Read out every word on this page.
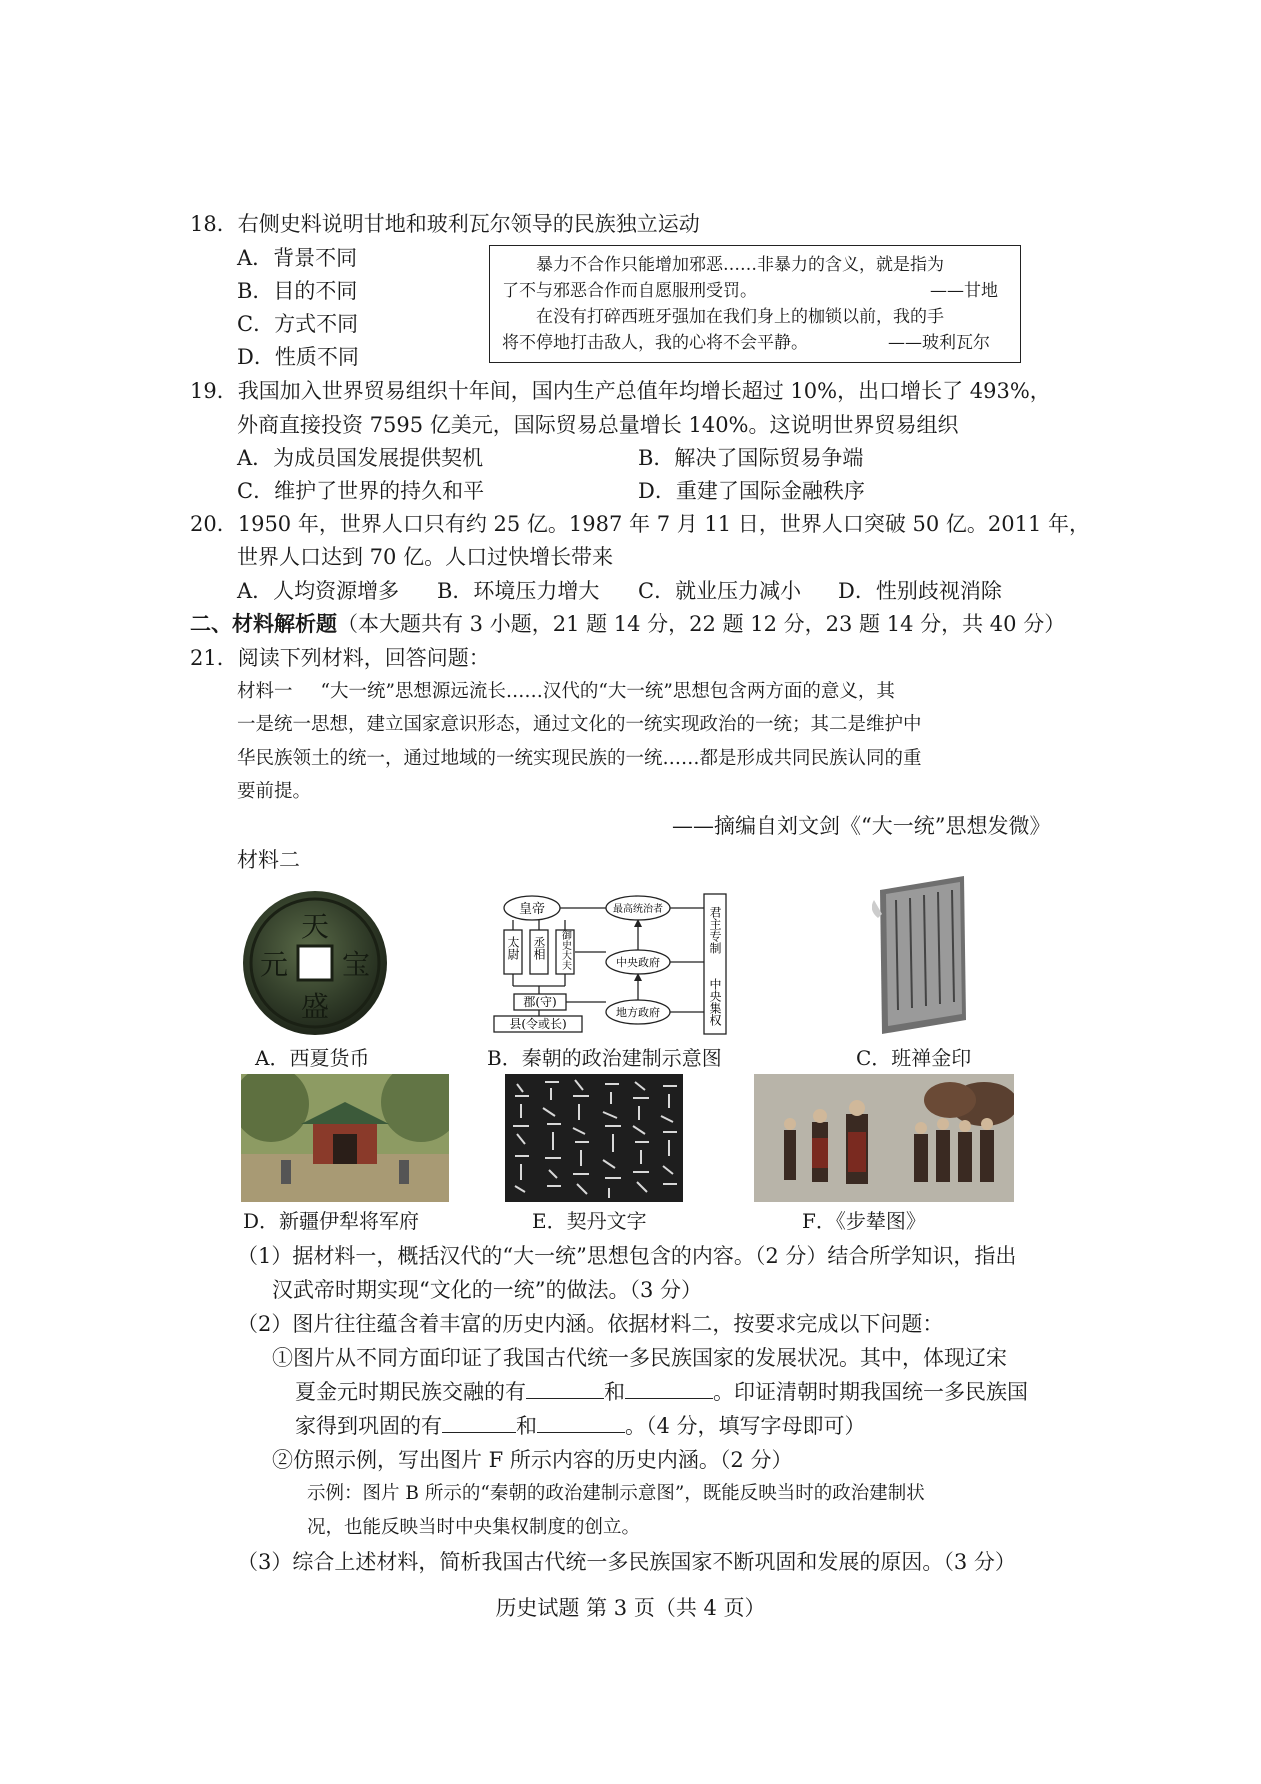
18．右侧史料说明甘地和玻利瓦尔领导的民族独立运动
A．背景不同
B．目的不同
C．方式不同
D．性质不同
暴力不合作只能增加邪恶……非暴力的含义，就是指为
了不与邪恶合作而自愿服刑受罚。	——甘地
在没有打碎西班牙强加在我们身上的枷锁以前，我的手
将不停地打击敌人，我的心将不会平静。	——玻利瓦尔
19．我国加入世界贸易组织十年间，国内生产总值年均增长超过 10%，出口增长了 493%，
外商直接投资 7595 亿美元，国际贸易总量增长 140%。这说明世界贸易组织
A．为成员国发展提供契机	B．解决了国际贸易争端
C．维护了世界的持久和平	D．重建了国际金融秩序
20．1950 年，世界人口只有约 25 亿。1987 年 7 月 11 日，世界人口突破 50 亿。2011 年，
世界人口达到 70 亿。人口过快增长带来
A．人均资源增多 B．环境压力增大 C．就业压力减小 D．性别歧视消除
二、材料解析题（本大题共有 3 小题，21 题 14 分，22 题 12 分，23 题 14 分，共 40 分）
21．阅读下列材料，回答问题：
材料一 “大一统”思想源远流长……汉代的“大一统”思想包含两方面的意义，其
一是统一思想，建立国家意识形态，通过文化的一统实现政治的一统；其二是维护中
华民族领土的统一，通过地域的一统实现民族的一统……都是形成共同民族认同的重
要前提。
——摘编自刘文剑《“大一统”思想发微》
材料二
天
盛
元 宝
A．西夏货币
皇帝	最高统治者
中央政府
地方政府
郡(守)
县(令或长)
太尉 丞相 御史大夫	君主专制
中央集权
B．秦朝的政治建制示意图	C．班禅金印
D．新疆伊犁将军府	E．契丹文字	F．《步辇图》
（1）据材料一，概括汉代的“大一统”思想包含的内容。（2 分）结合所学知识，指出
汉武帝时期实现“文化的一统”的做法。（3 分）
（2）图片往往蕴含着丰富的历史内涵。依据材料二，按要求完成以下问题：
①图片从不同方面印证了我国古代统一多民族国家的发展状况。其中，体现辽宋
夏金元时期民族交融的有	和	。印证清朝时期我国统一多民族国
家得到巩固的有	和	。（4 分，填写字母即可）
②仿照示例，写出图片 F 所示内容的历史内涵。（2 分）
示例：图片 B 所示的“秦朝的政治建制示意图”，既能反映当时的政治建制状
况，也能反映当时中央集权制度的创立。
（3）综合上述材料，简析我国古代统一多民族国家不断巩固和发展的原因。（3 分）
历史试题 第 3 页（共 4 页）
